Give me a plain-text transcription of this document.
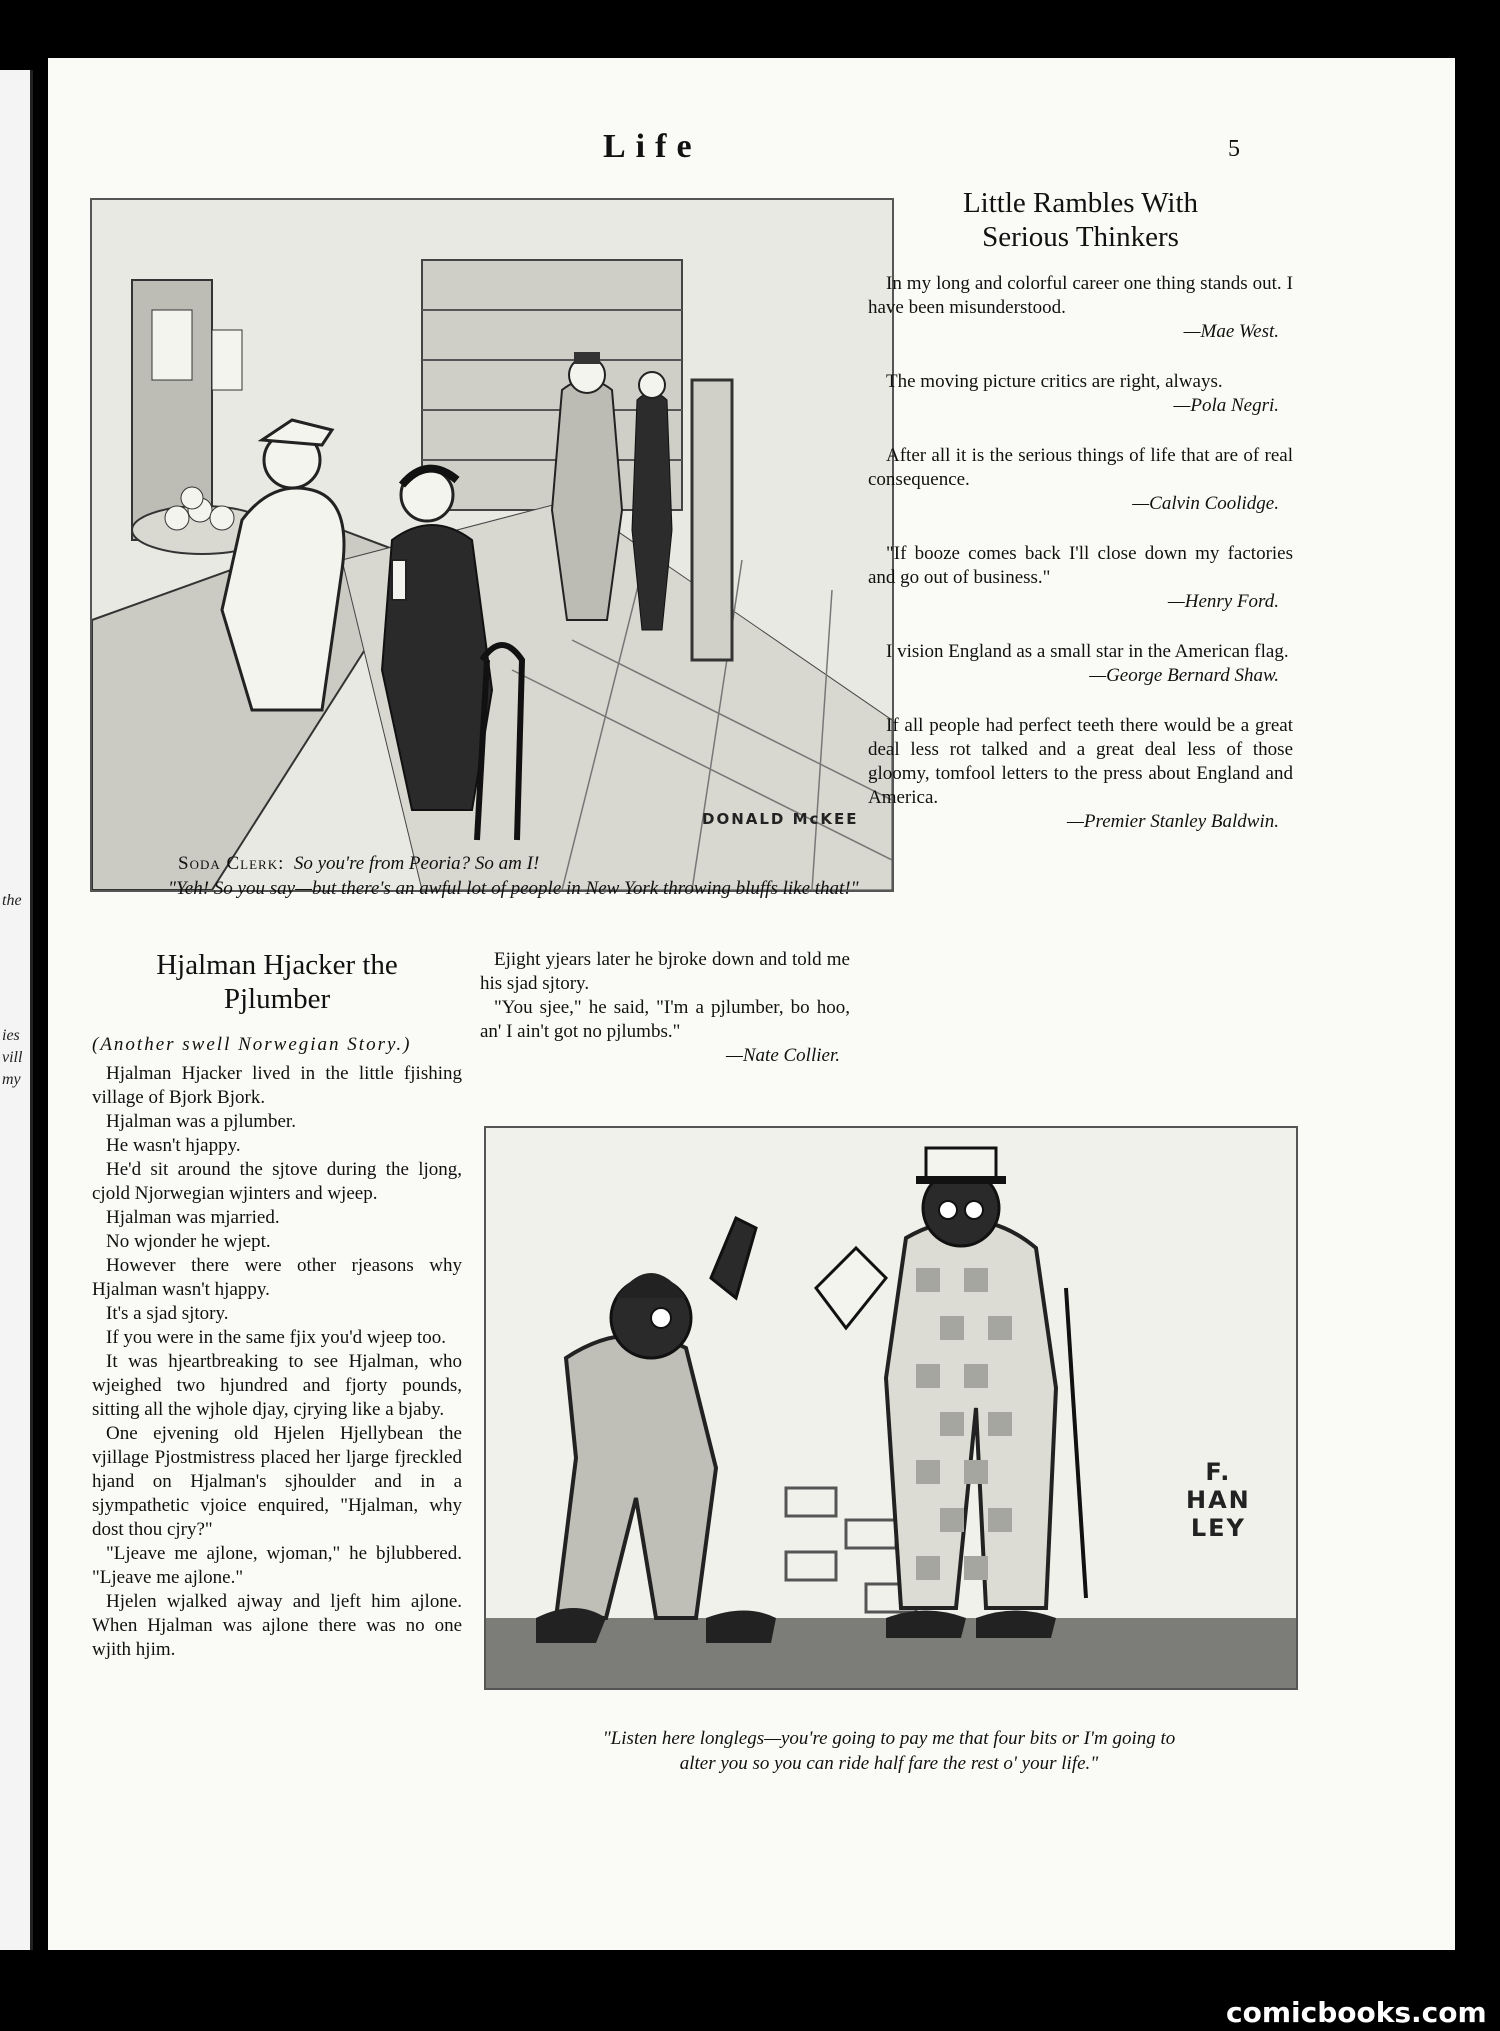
the
ies
vill
my
Life	5
DONALD McKEE
Soda Clerk: So you're from Peoria? So am I!
"Yeh! So you say—but there's an awful lot of people in New York throwing bluffs like that!"
Little Rambles With
Serious Thinkers
In my long and colorful career one thing stands out. I have been misunderstood.
—Mae West.
The moving picture critics are right, always.
—Pola Negri.
After all it is the serious things of life that are of real consequence.
—Calvin Coolidge.
"If booze comes back I'll close down my factories and go out of business."
—Henry Ford.
I vision England as a small star in the American flag.
—George Bernard Shaw.
If all people had perfect teeth there would be a great deal less rot talked and a great deal less of those gloomy, tomfool letters to the press about England and America.
—Premier Stanley Baldwin.
Hjalman Hjacker the
Pjlumber
(Another swell Norwegian Story.)

Hjalman Hjacker lived in the little fjishing village of Bjork Bjork.

Hjalman was a pjlumber.

He wasn't hjappy.

He'd sit around the sjtove during the ljong, cjold Njorwegian wjinters and wjeep.

Hjalman was mjarried.

No wjonder he wjept.

However there were other rjeasons why Hjalman wasn't hjappy.

It's a sjad sjtory.

If you were in the same fjix you'd wjeep too.

It was hjeartbreaking to see Hjalman, who wjeighed two hjundred and fjorty pounds, sitting all the wjhole djay, cjrying like a bjaby.

One ejvening old Hjelen Hjellybean the vjillage Pjostmistress placed her ljarge fjreckled hjand on Hjalman's sjhoulder and in a sjympathetic vjoice enquired, "Hjalman, why dost thou cjry?"

"Ljeave me ajlone, wjoman," he bjlubbered. "Ljeave me ajlone."

Hjelen wjalked ajway and ljeft him ajlone. When Hjalman was ajlone there was no one wjith hjim.

Ejight yjears later he bjroke down and told me his sjad sjtory.

"You sjee," he said, "I'm a pjlumber, bo hoo, an' I ain't got no pjlumbs."

—Nate Collier.
F.
HAN
LEY
"Listen here longlegs—you're going to pay me that four bits or I'm going to
alter you so you can ride half fare the rest o' your life."
comicbooks.com
